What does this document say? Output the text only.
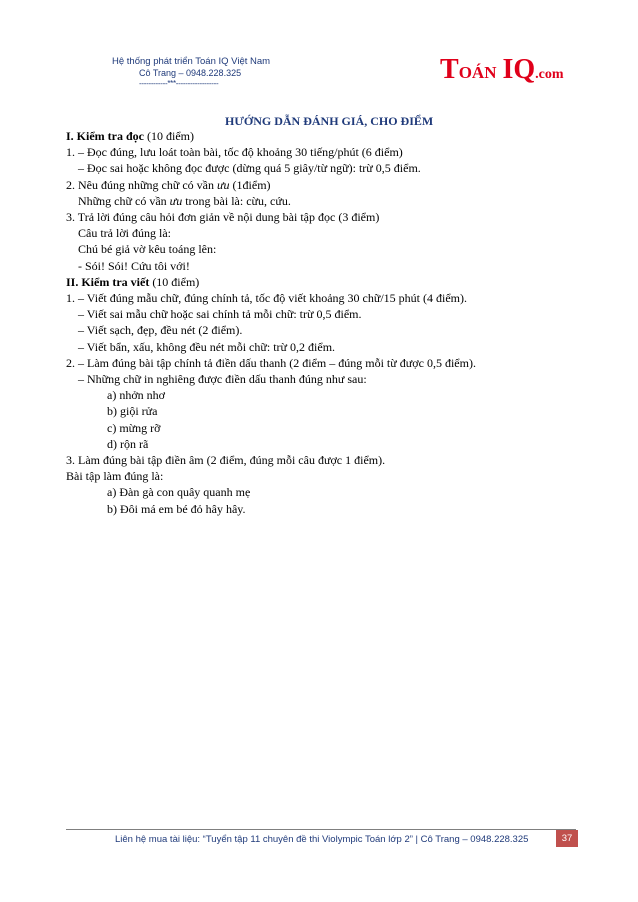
Hệ thống phát triển Toán IQ Việt Nam
Cô Trang – 0948.228.325
------------***------------------	TOÁN IQ.com
HƯỚNG DẪN ĐÁNH GIÁ, CHO ĐIỂM
I. Kiểm tra đọc (10 điểm)
1. – Đọc đúng, lưu loát toàn bài, tốc độ khoảng 30 tiếng/phút (6 điểm)
– Đọc sai hoặc không đọc được (dừng quá 5 giây/từ ngữ): trừ 0,5 điểm.
2. Nêu đúng những chữ có vần ưu (1điểm)
Những chữ có vần ưu trong bài là: cừu, cứu.
3. Trả lời đúng câu hỏi đơn giản về nội dung bài tập đọc (3 điểm)
Câu trả lời đúng là:
Chú bé giả vờ kêu toáng lên:
- Sói! Sói! Cứu tôi với!
II. Kiểm tra viết (10 điểm)
1. – Viết đúng mẫu chữ, đúng chính tả, tốc độ viết khoảng 30 chữ/15 phút (4 điểm).
– Viết sai mẫu chữ hoặc sai chính tả mỗi chữ: trừ 0,5 điểm.
– Viết sạch, đẹp, đều nét (2 điểm).
– Viết bẩn, xấu, không đều nét mỗi chữ: trừ 0,2 điểm.
2. – Làm đúng bài tập chính tả điền dấu thanh (2 điểm – đúng mỗi từ được 0,5 điểm).
– Những chữ in nghiêng được điền dấu thanh đúng như sau:
a) nhởn nhơ
b) giội rửa
c) mừng rỡ
d) rộn rã
3. Làm đúng bài tập điền âm (2 điểm, đúng mỗi câu được 1 điểm).
Bài tập làm đúng là:
a) Đàn gà con quây quanh mẹ
b) Đôi má em bé đỏ hây hây.
Liên hệ mua tài liệu: “Tuyển tập 11 chuyên đề thi Violympic Toán lớp 2” | Cô Trang – 0948.228.325	37
